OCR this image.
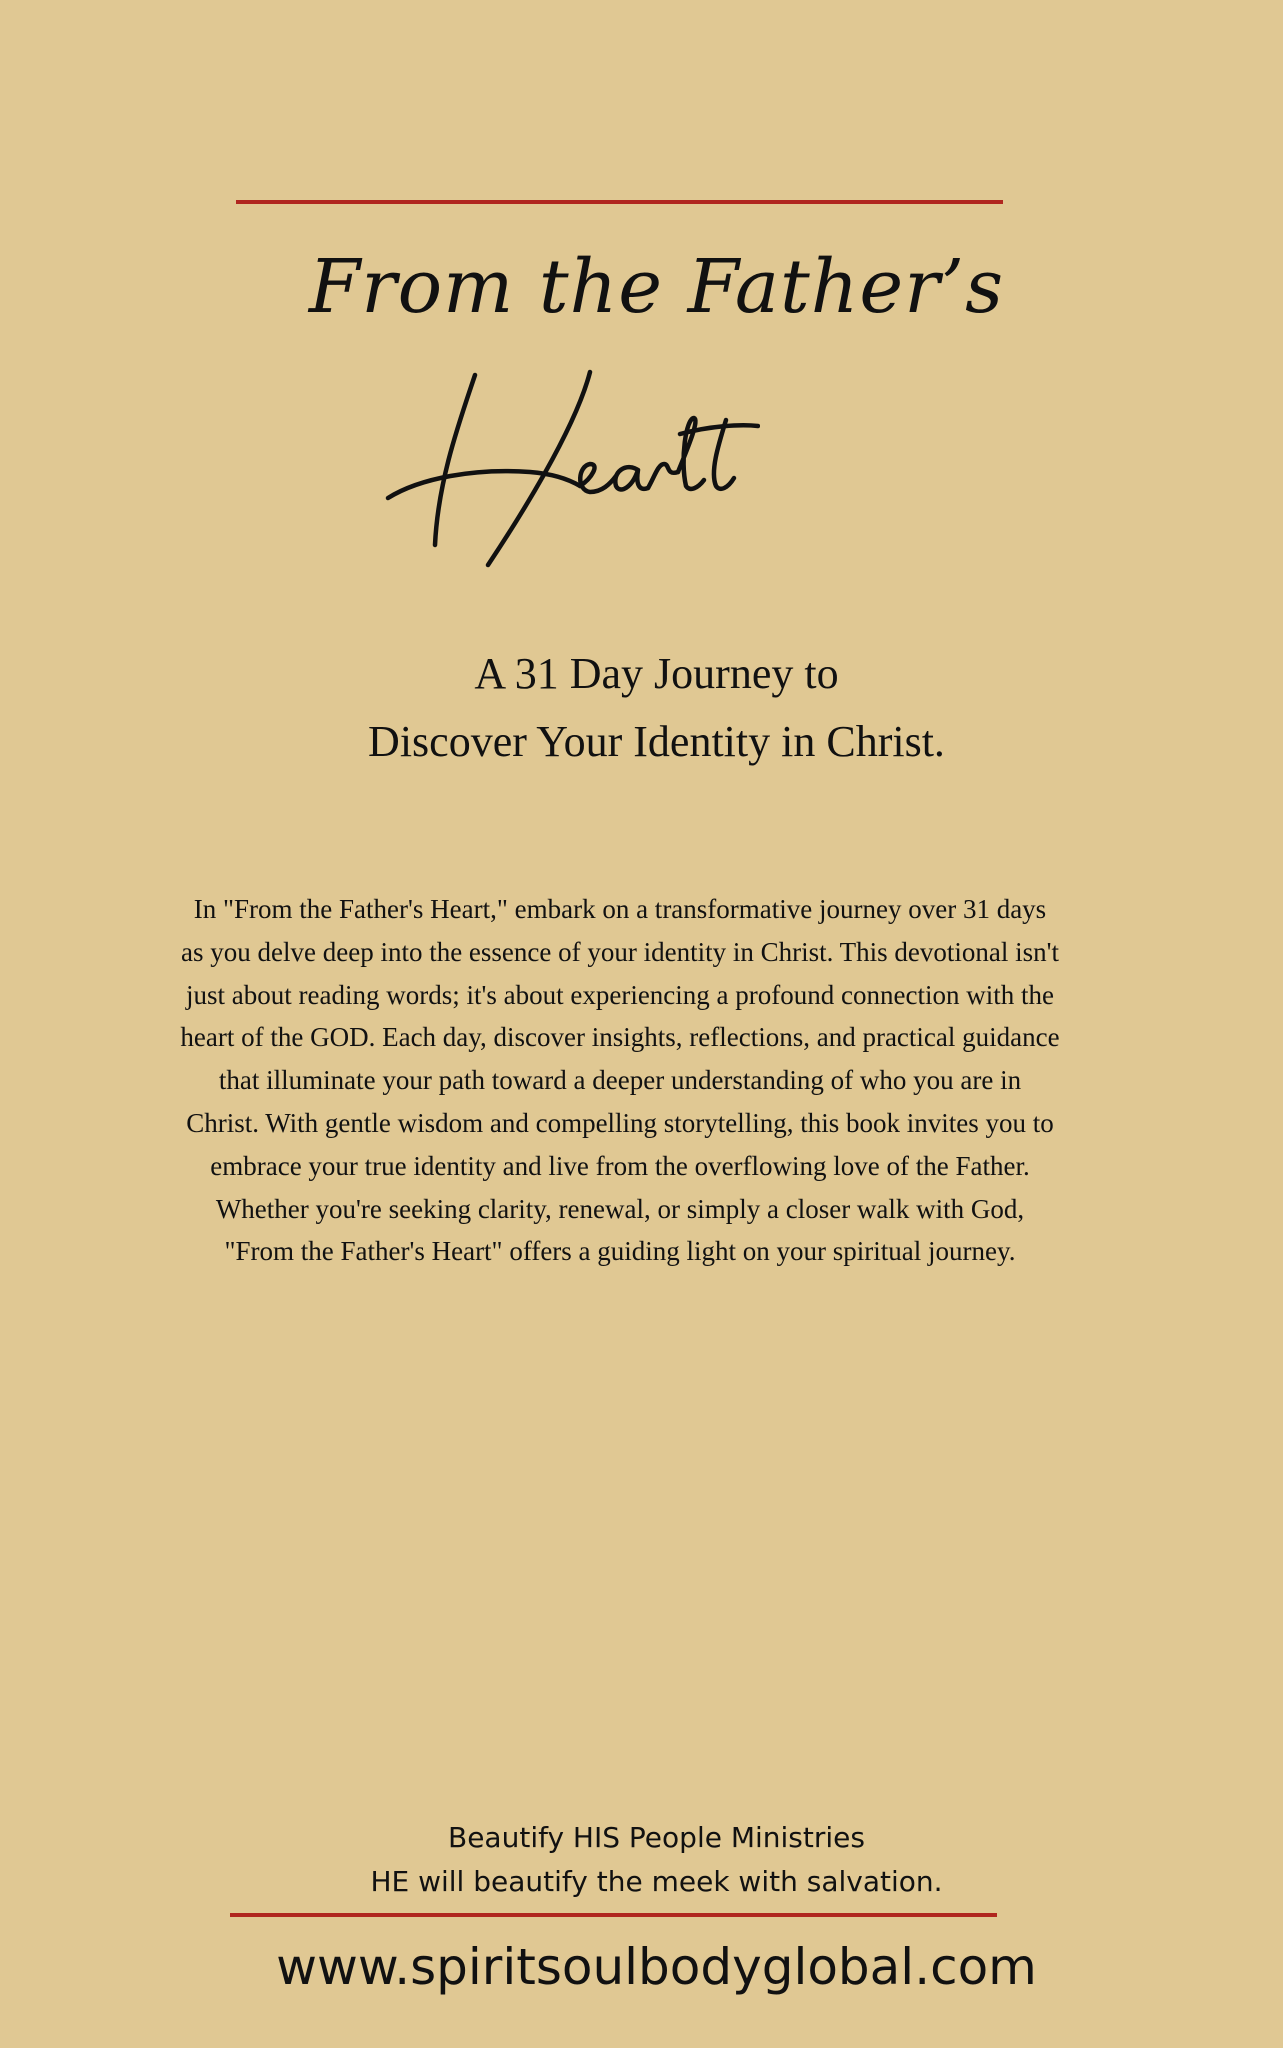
From the Father’s
A 31 Day Journey to
Discover Your Identity in Christ.
In "From the Father's Heart," embark on a transformative journey over 31 days
as you delve deep into the essence of your identity in Christ. This devotional isn't
just about reading words; it's about experiencing a profound connection with the
heart of the GOD. Each day, discover insights, reflections, and practical guidance
that illuminate your path toward a deeper understanding of who you are in
Christ. With gentle wisdom and compelling storytelling, this book invites you to
embrace your true identity and live from the overflowing love of the Father.
Whether you're seeking clarity, renewal, or simply a closer walk with God,
"From the Father's Heart" offers a guiding light on your spiritual journey.
Beautify HIS People Ministries
HE will beautify the meek with salvation.
www.spiritsoulbodyglobal.com
